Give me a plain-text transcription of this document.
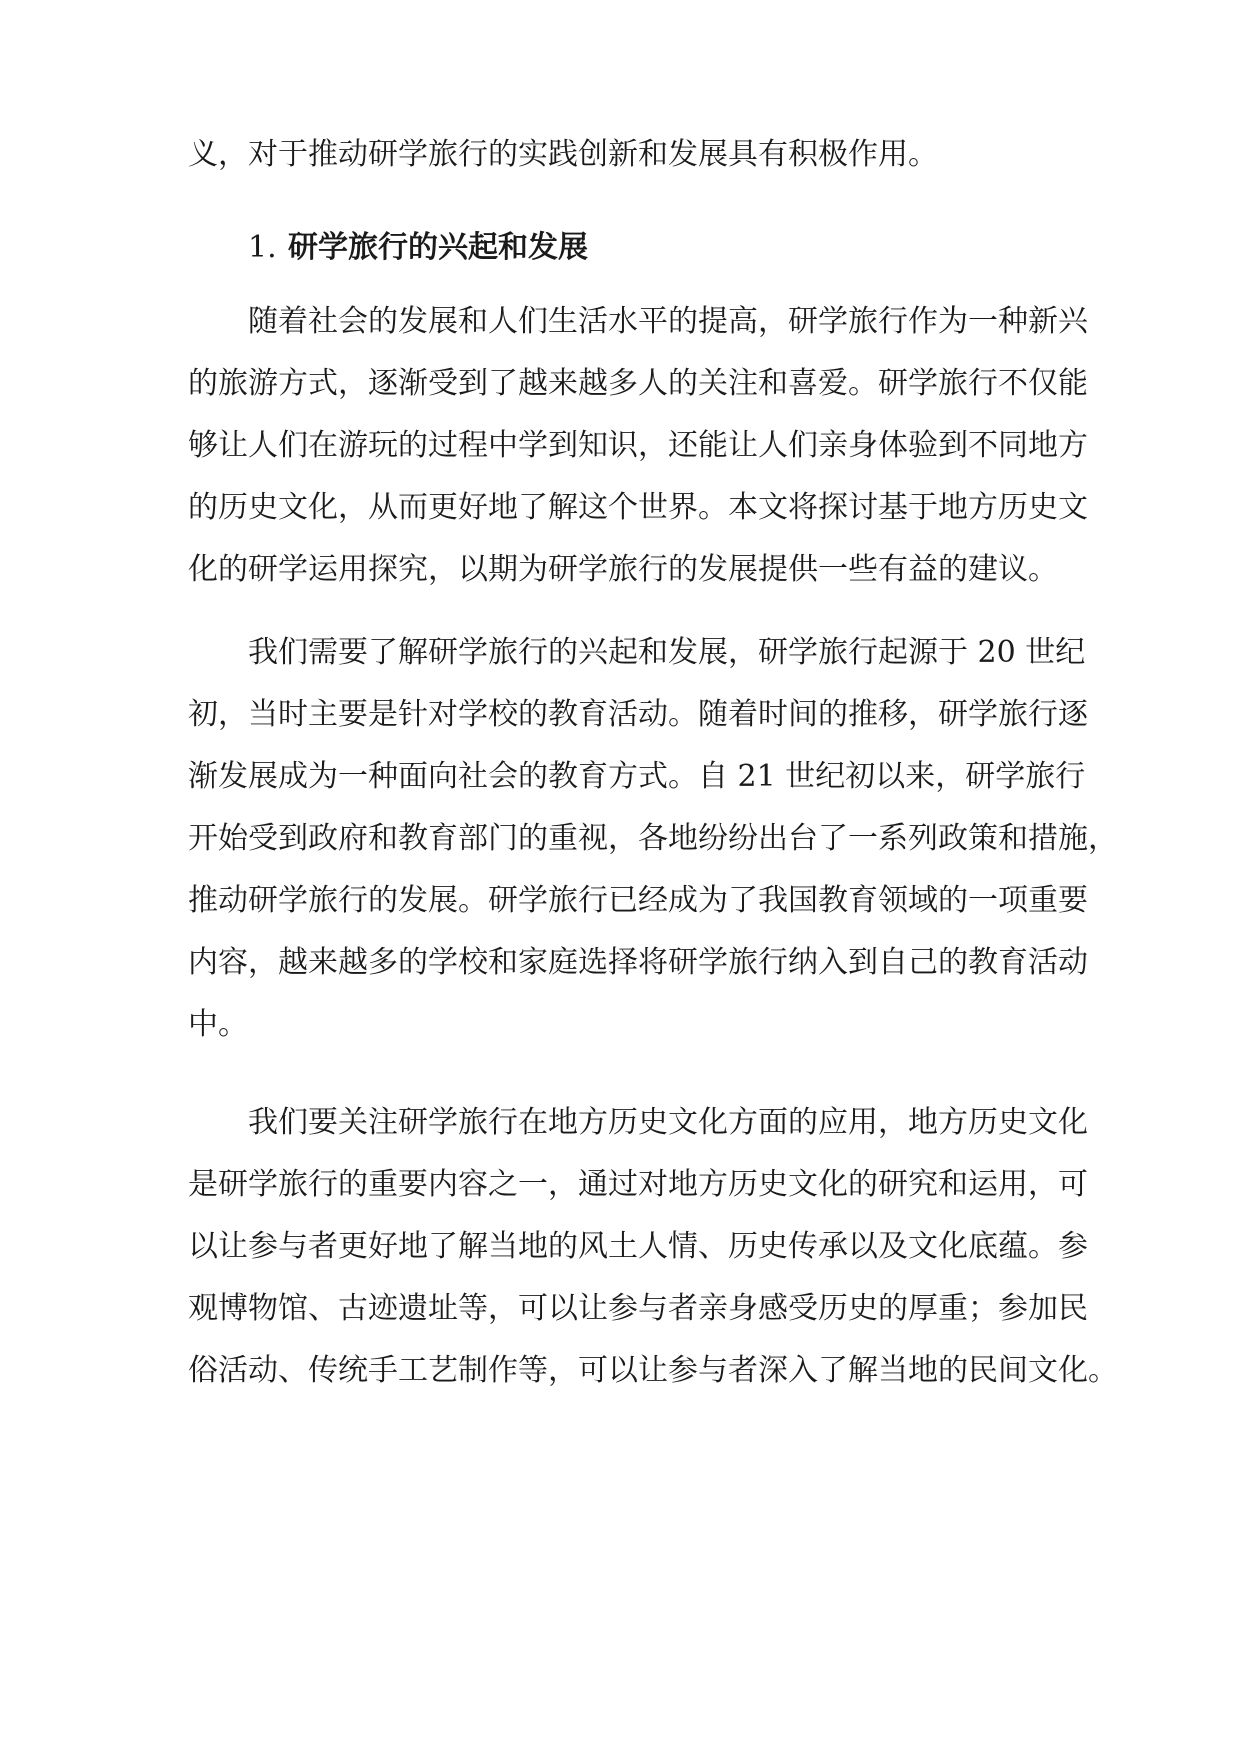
义，对于推动研学旅行的实践创新和发展具有积极作用。
1. 研学旅行的兴起和发展
随着社会的发展和人们生活水平的提高，研学旅行作为一种新兴
的旅游方式，逐渐受到了越来越多人的关注和喜爱。研学旅行不仅能
够让人们在游玩的过程中学到知识，还能让人们亲身体验到不同地方
的历史文化，从而更好地了解这个世界。本文将探讨基于地方历史文
化的研学运用探究，以期为研学旅行的发展提供一些有益的建议。
我们需要了解研学旅行的兴起和发展，研学旅行起源于 20 世纪
初，当时主要是针对学校的教育活动。随着时间的推移，研学旅行逐
渐发展成为一种面向社会的教育方式。自 21 世纪初以来，研学旅行
开始受到政府和教育部门的重视，各地纷纷出台了一系列政策和措施，
推动研学旅行的发展。研学旅行已经成为了我国教育领域的一项重要
内容，越来越多的学校和家庭选择将研学旅行纳入到自己的教育活动
中。
我们要关注研学旅行在地方历史文化方面的应用，地方历史文化
是研学旅行的重要内容之一，通过对地方历史文化的研究和运用，可
以让参与者更好地了解当地的风土人情、历史传承以及文化底蕴。参
观博物馆、古迹遗址等，可以让参与者亲身感受历史的厚重；参加民
俗活动、传统手工艺制作等，可以让参与者深入了解当地的民间文化。
